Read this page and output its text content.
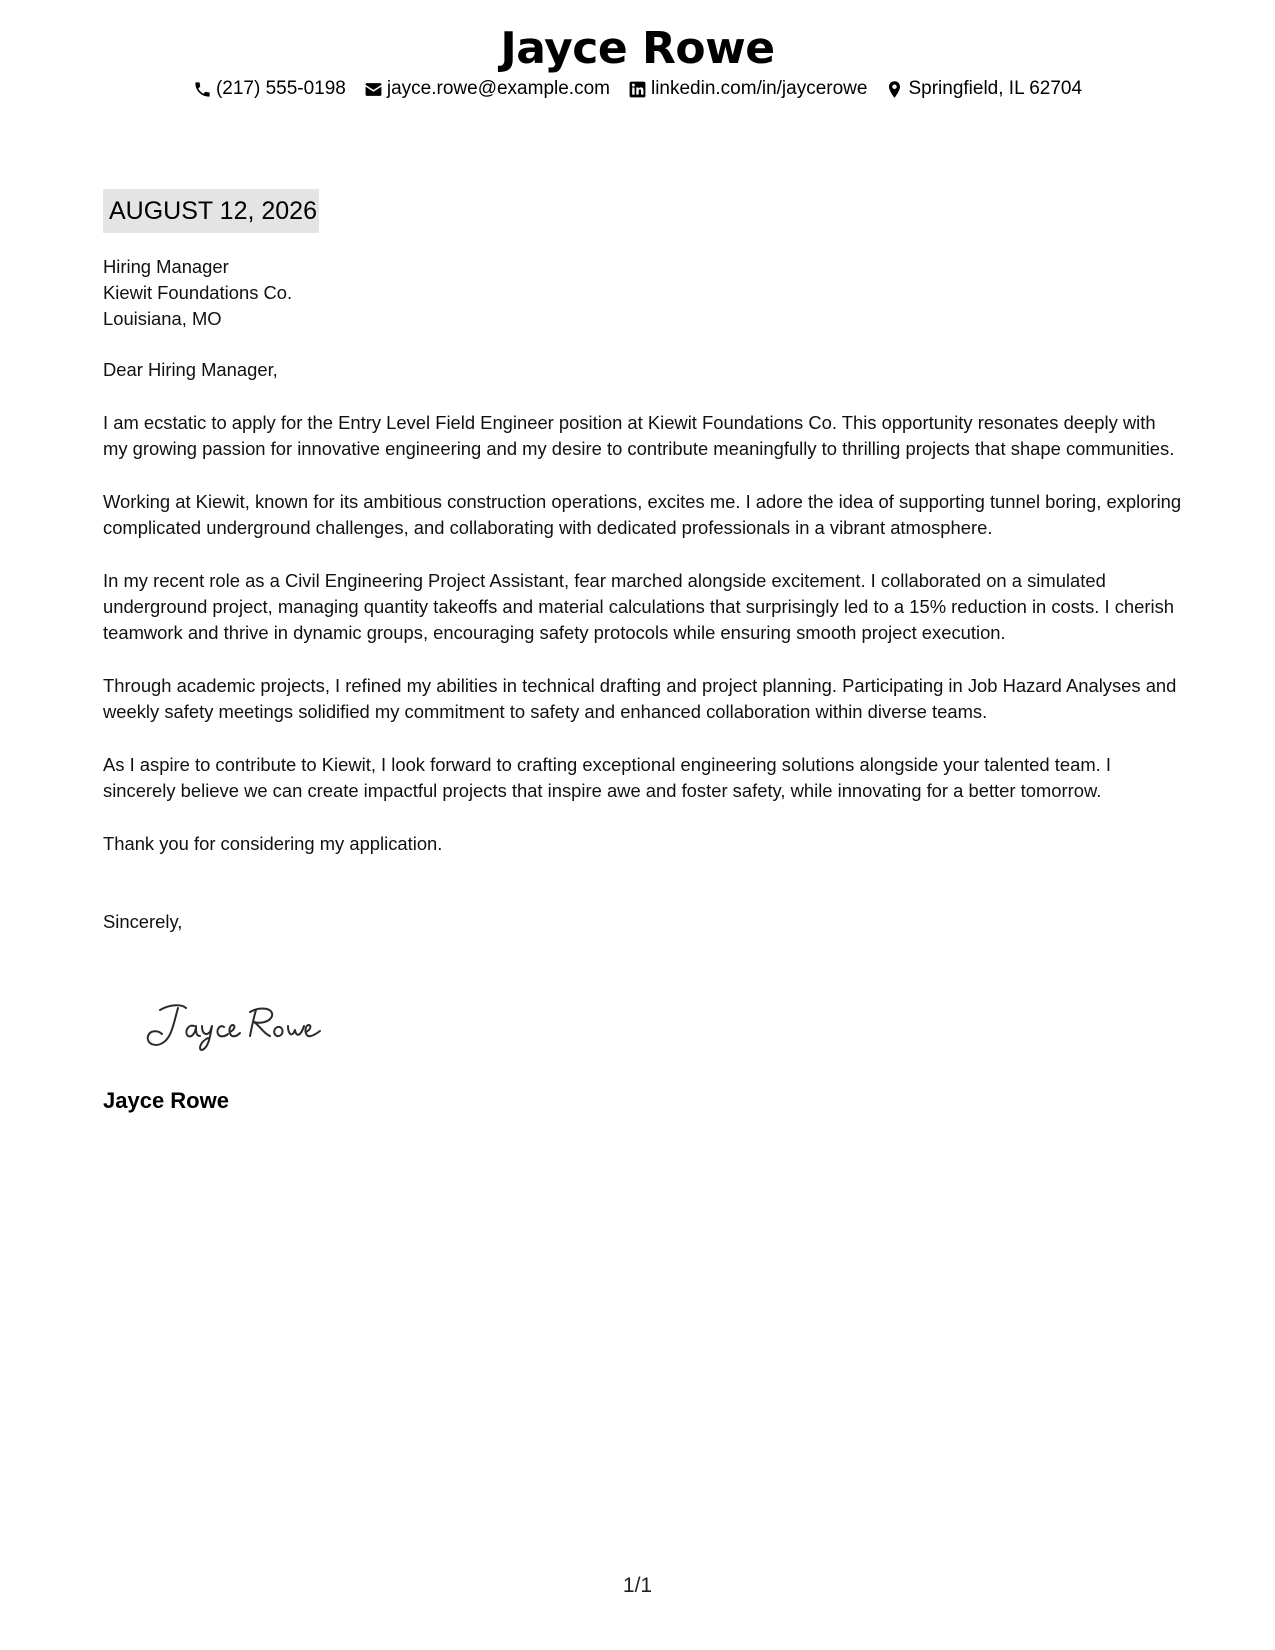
Jayce Rowe
(217) 555-0198 jayce.rowe@example.com linkedin.com/in/jaycerowe Springfield, IL 62704
AUGUST 12, 2026

Hiring Manager
Kiewit Foundations Co.
Louisiana, MO

Dear Hiring Manager,

I am ecstatic to apply for the Entry Level Field Engineer position at Kiewit Foundations Co. This opportunity resonates deeply with my growing passion for innovative engineering and my desire to contribute meaningfully to thrilling projects that shape communities.

Working at Kiewit, known for its ambitious construction operations, excites me. I adore the idea of supporting tunnel boring, exploring complicated underground challenges, and collaborating with dedicated professionals in a vibrant atmosphere.

In my recent role as a Civil Engineering Project Assistant, fear marched alongside excitement. I collaborated on a simulated underground project, managing quantity takeoffs and material calculations that surprisingly led to a 15% reduction in costs. I cherish teamwork and thrive in dynamic groups, encouraging safety protocols while ensuring smooth project execution.

Through academic projects, I refined my abilities in technical drafting and project planning. Participating in Job Hazard Analyses and weekly safety meetings solidified my commitment to safety and enhanced collaboration within diverse teams.

As I aspire to contribute to Kiewit, I look forward to crafting exceptional engineering solutions alongside your talented team. I sincerely believe we can create impactful projects that inspire awe and foster safety, while innovating for a better tomorrow.

Thank you for considering my application.

Sincerely,

Jayce Rowe
1/1
